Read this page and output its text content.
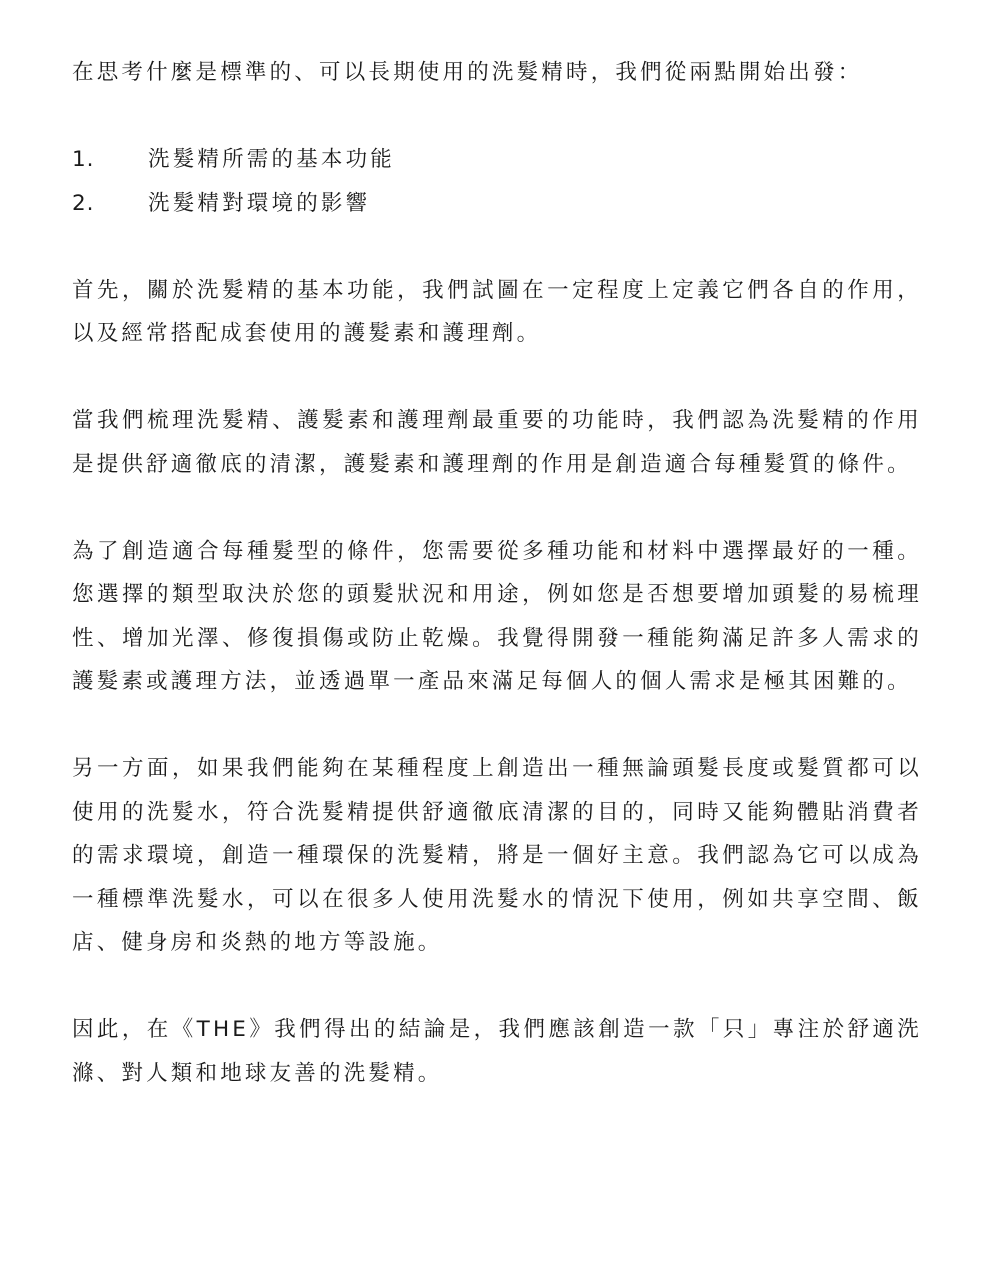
在思考什麼是標準的、可以長期使用的洗髮精時，我們從兩點開始出發：

1.	洗髮精所需的基本功能
2.	洗髮精對環境的影響

首先，關於洗髮精的基本功能，我們試圖在一定程度上定義它們各自的作用，以及經常搭配成套使用的護髮素和護理劑。

當我們梳理洗髮精、護髮素和護理劑最重要的功能時，我們認為洗髮精的作用是提供舒適徹底的清潔，護髮素和護理劑的作用是創造適合每種髮質的條件。

為了創造適合每種髮型的條件，您需要從多種功能和材料中選擇最好的一種。您選擇的類型取決於您的頭髮狀況和用途，例如您是否想要增加頭髮的易梳理性、增加光澤、修復損傷或防止乾燥。我覺得開發一種能夠滿足許多人需求的護髮素或護理方法，並透過單一產品來滿足每個人的個人需求是極其困難的。

另一方面，如果我們能夠在某種程度上創造出一種無論頭髮長度或髮質都可以使用的洗髮水，符合洗髮精提供舒適徹底清潔的目的，同時又能夠體貼消費者的需求環境，創造一種環保的洗髮精，將是一個好主意。我們認為它可以成為一種標準洗髮水，可以在很多人使用洗髮水的情況下使用，例如共享空間、飯店、健身房和炎熱的地方等設施。

因此，在《THE》我們得出的結論是，我們應該創造一款「只」專注於舒適洗滌、對人類和地球友善的洗髮精。
